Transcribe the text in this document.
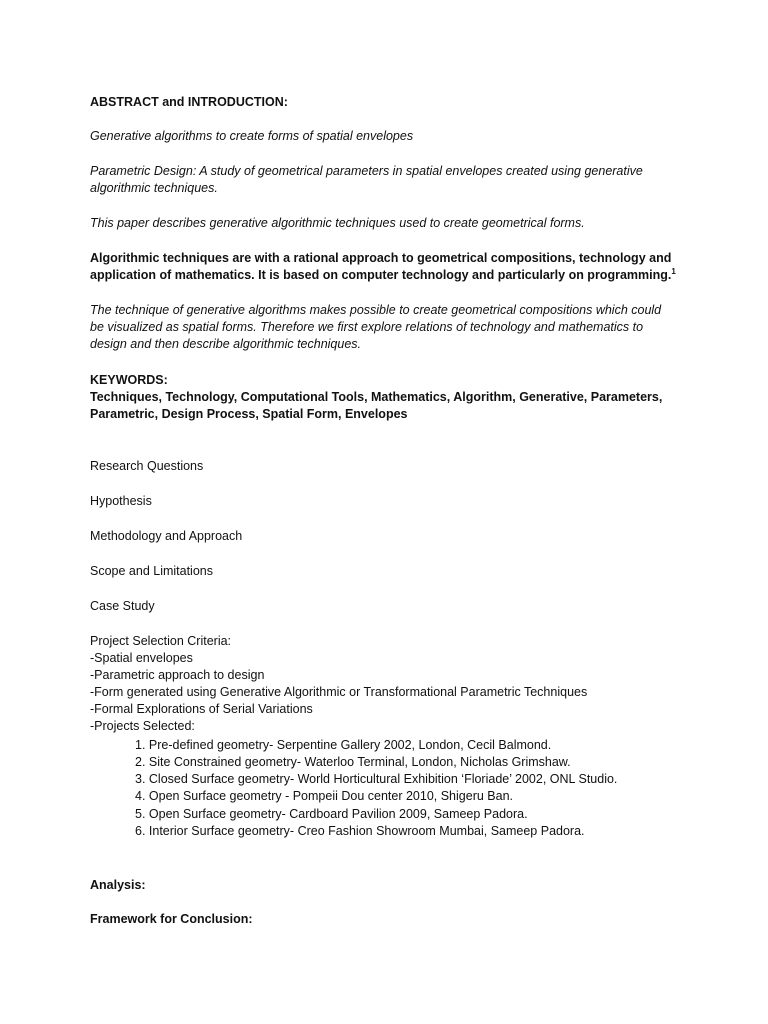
ABSTRACT and INTRODUCTION:

Generative algorithms to create forms of spatial envelopes

Parametric Design: A study of geometrical parameters in spatial envelopes created using generative

algorithmic techniques.

This paper describes generative algorithmic techniques used to create geometrical forms.

Algorithmic techniques are with a rational approach to geometrical compositions, technology and

application of mathematics. It is based on computer technology and particularly on programming.$^1$

The technique of generative algorithms makes possible to create geometrical compositions which could

be visualized as spatial forms. Therefore we first explore relations of technology and mathematics to

design and then describe algorithmic techniques.

KEYWORDS:

Techniques, Technology, Computational Tools, Mathematics, Algorithm, Generative, Parameters,

Parametric, Design Process, Spatial Form, Envelopes

Research Questions

Hypothesis

Methodology and Approach

Scope and Limitations

Case Study

Project Selection Criteria:

-Spatial envelopes

-Parametric approach to design

-Form generated using Generative Algorithmic or Transformational Parametric Techniques

-Formal Explorations of Serial Variations

-Projects Selected:

1. Pre-defined geometry- Serpentine Gallery 2002, London, Cecil Balmond.

2. Site Constrained geometry- Waterloo Terminal, London, Nicholas Grimshaw.

3. Closed Surface geometry- World Horticultural Exhibition ‘Floriade’ 2002, ONL Studio.

4. Open Surface geometry - Pompeii Dou center 2010, Shigeru Ban.

5. Open Surface geometry- Cardboard Pavilion 2009, Sameep Padora.

6. Interior Surface geometry- Creo Fashion Showroom Mumbai, Sameep Padora.

Analysis:

Framework for Conclusion:
